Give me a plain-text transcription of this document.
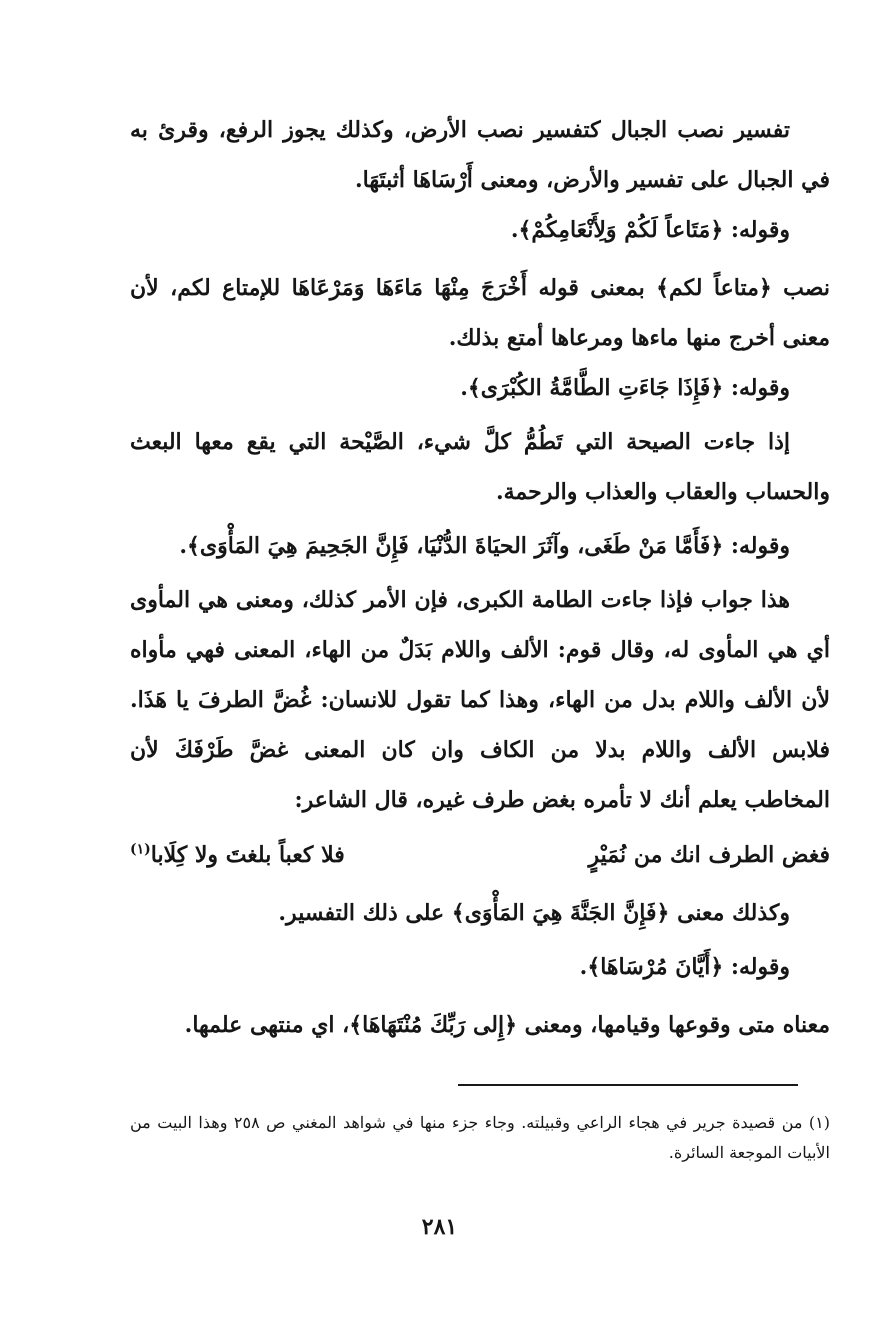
تفسير نصب الجبال كتفسير نصب الأرض، وكذلك يجوز الرفع، وقرئ به في الجبال على تفسير والأرض، ومعنى أَرْسَاهَا أثبتَهَا.

وقوله: ﴿مَتَاعاً لَكُمْ وَلِأَنْعَامِكُمْ﴾.

نصب ﴿متاعاً لكم﴾ بمعنى قوله أَخْرَجَ مِنْهَا مَاءَهَا وَمَرْعَاهَا للإمتاع لكم، لأن معنى أخرج منها ماءها ومرعاها أمتع بذلك.

وقوله: ﴿فَإِذَا جَاءَتِ الطَّامَّةُ الكُبْرَى﴾.

إذا جاءت الصيحة التي تَطُمُّ كلَّ شيء، الصَّيْحة التي يقع معها البعث والحساب والعقاب والعذاب والرحمة.

وقوله: ﴿فَأَمَّا مَنْ طَغَى، وآثَرَ الحيَاةَ الدُّنْيَا، فَإِنَّ الجَحِيمَ هِيَ المَأْوَى﴾.

هذا جواب فإذا جاءت الطامة الكبرى، فإن الأمر كذلك، ومعنى هي المأوى أي هي المأوى له، وقال قوم: الألف واللام بَدَلٌ من الهاء، المعنى فهي مأواه لأن الألف واللام بدل من الهاء، وهذا كما تقول للانسان: غُضَّ الطرفَ يا هَذَا. فلابس الألف واللام بدلا من الكاف وان كان المعنى غضَّ طَرْفَكَ لأن المخاطب يعلم أنك لا تأمره بغض طرف غيره، قال الشاعر:

فغض الطرف انك من نُمَيْرٍ
فلا كعباً بلغتَ ولا كِلَابا$^{(١)}$

وكذلك معنى ﴿فَإِنَّ الجَنَّةَ هِيَ المَأْوَى﴾ على ذلك التفسير.

وقوله: ﴿أَيَّانَ مُرْسَاهَا﴾.

معناه متى وقوعها وقيامها، ومعنى ﴿إِلى رَبِّكَ مُنْتَهَاهَا﴾، اي منتهى علمها.

(١) من قصيدة جرير في هجاء الراعي وقبيلته. وجاء جزء منها في شواهد المغني ص ٢٥٨ وهذا البيت من الأبيات الموجعة السائرة.

٢٨١
